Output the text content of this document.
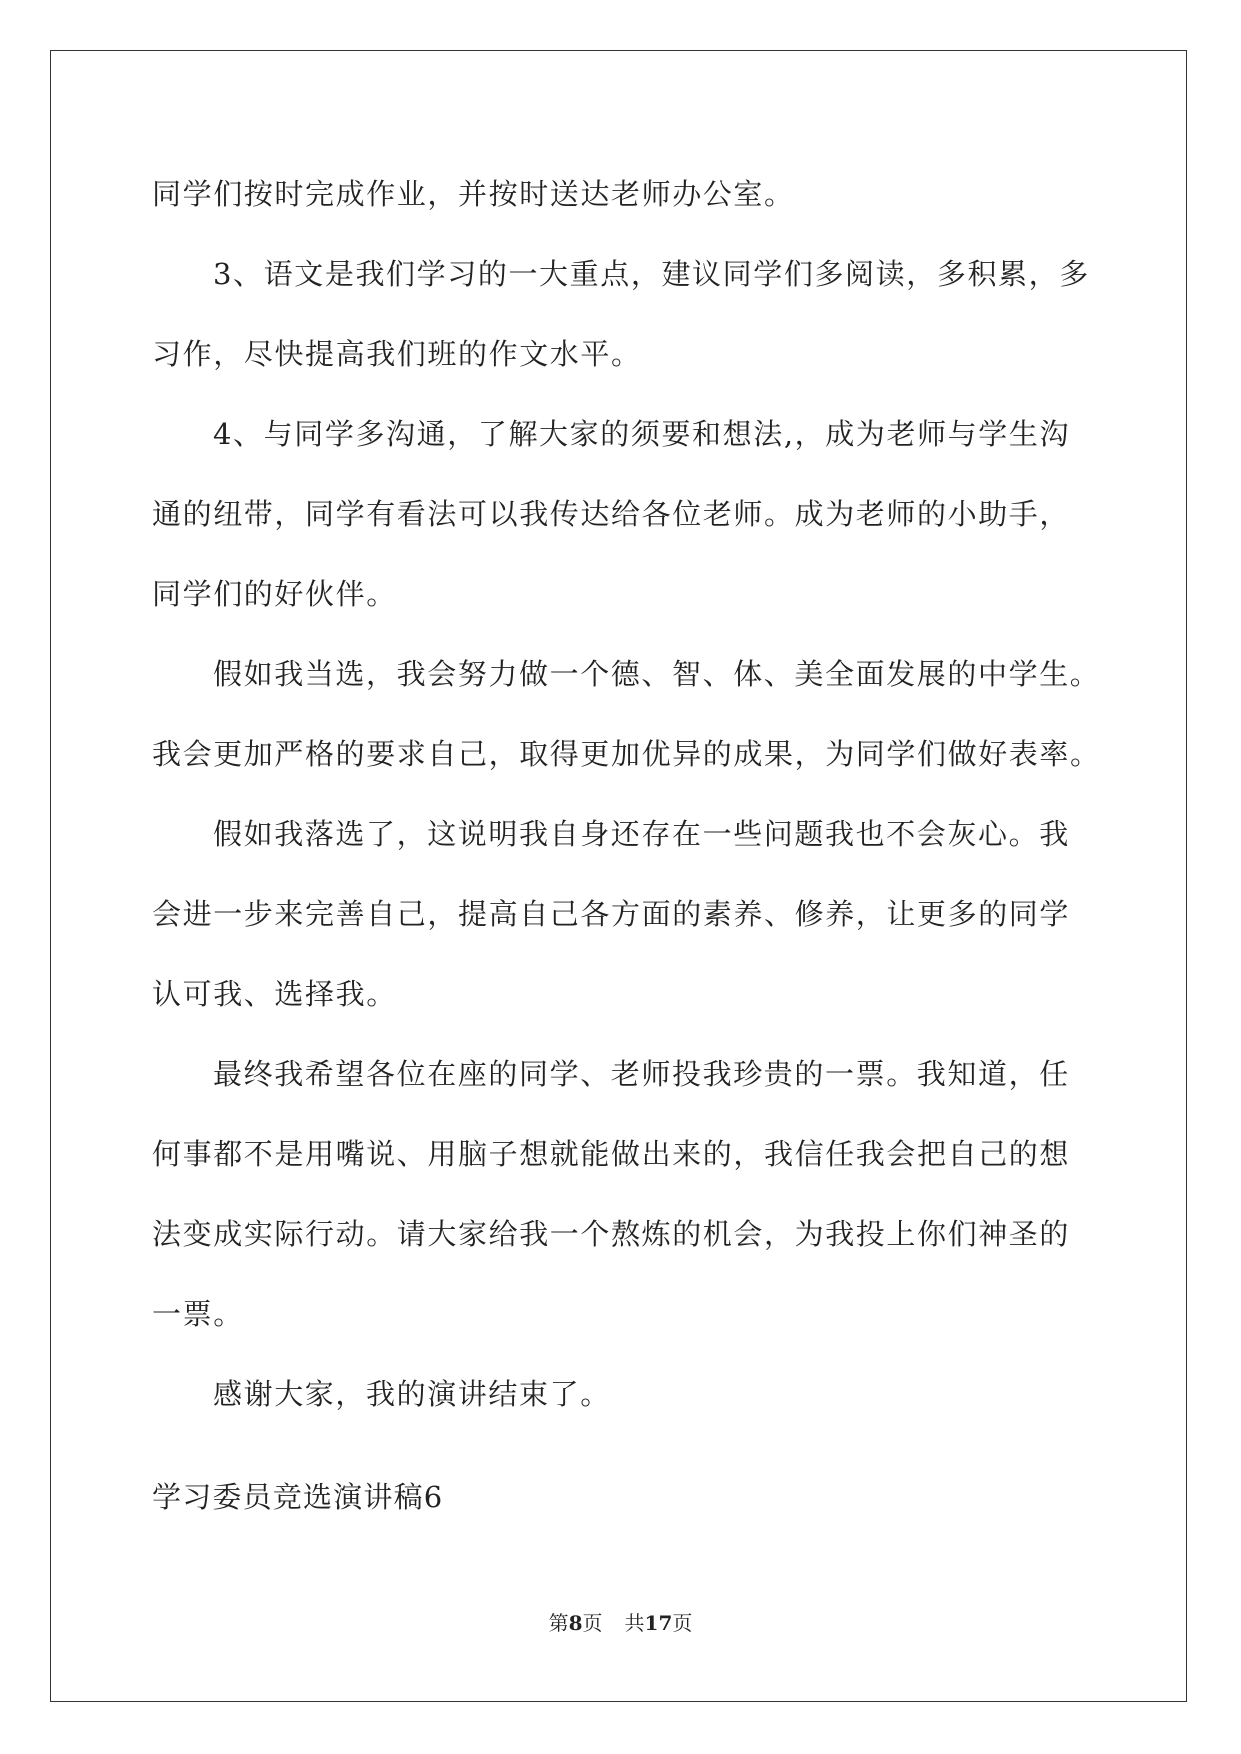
同学们按时完成作业，并按时送达老师办公室。
3、语文是我们学习的一大重点，建议同学们多阅读，多积累，多
习作，尽快提高我们班的作文水平。
4、与同学多沟通，了解大家的须要和想法,，成为老师与学生沟
通的纽带，同学有看法可以我传达给各位老师。成为老师的小助手，
同学们的好伙伴。
假如我当选，我会努力做一个德、智、体、美全面发展的中学生。
我会更加严格的要求自己，取得更加优异的成果，为同学们做好表率。
假如我落选了，这说明我自身还存在一些问题我也不会灰心。我
会进一步来完善自己，提高自己各方面的素养、修养，让更多的同学
认可我、选择我。
最终我希望各位在座的同学、老师投我珍贵的一票。我知道，任
何事都不是用嘴说、用脑子想就能做出来的，我信任我会把自己的想
法变成实际行动。请大家给我一个熬炼的机会，为我投上你们神圣的
一票。
感谢大家，我的演讲结束了。
学习委员竞选演讲稿6
第8页 共17页
